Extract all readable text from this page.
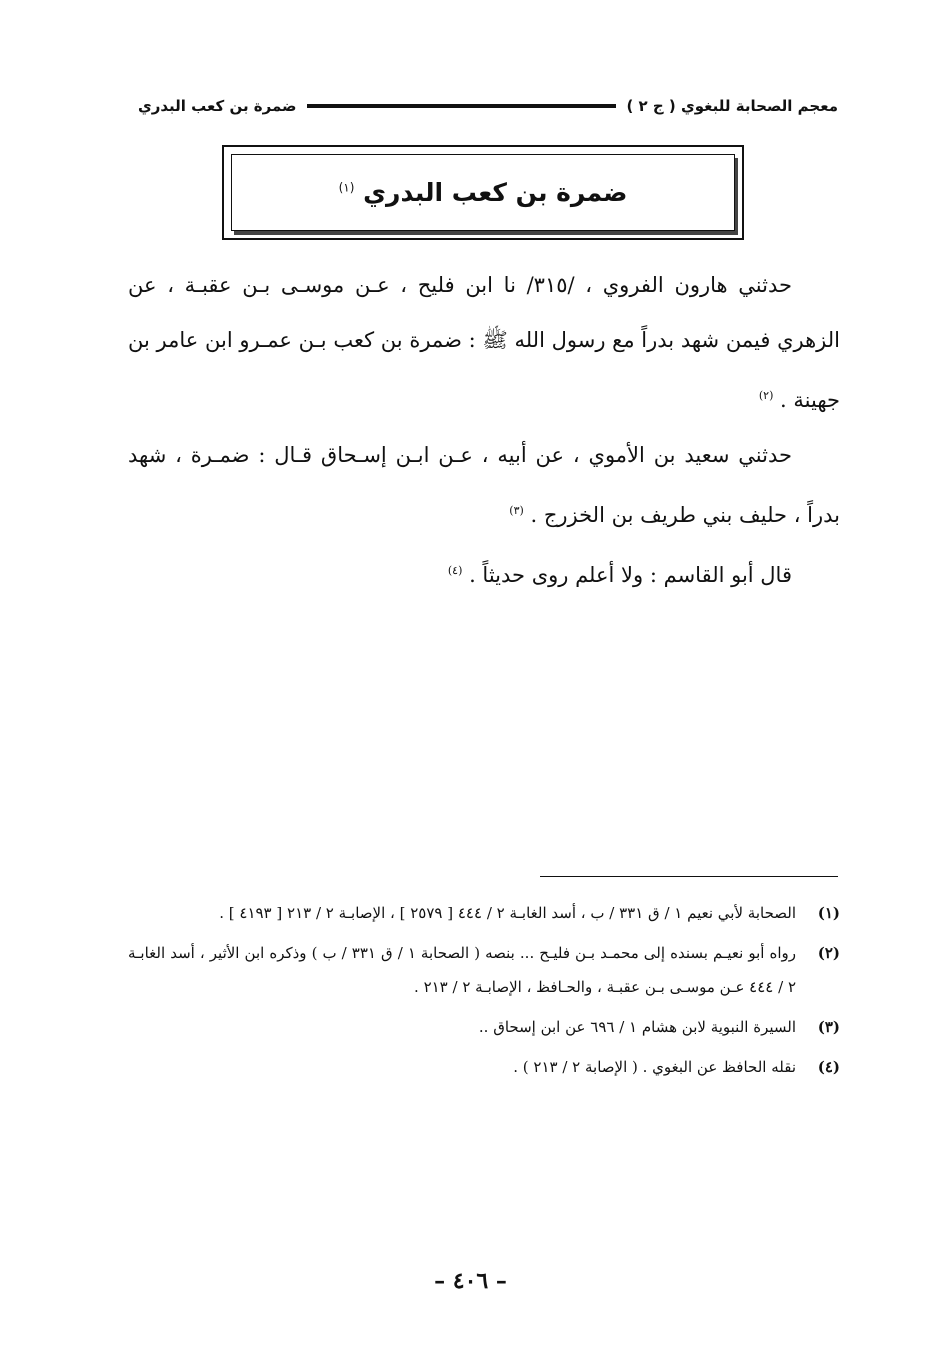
معجم الصحابة للبغوي ( ج ٢ )
ضمرة بن كعب البدري
ضمرة بن كعب البدري $^{(١)}$

حدثني هارون الفروي ، /٣١٥/ نا ابن فليح ، عـن موسـى بـن عقبـة ، عن الزهري فيمن شهد بدراً مع رسول الله ﷺ : ضمرة بن كعب بـن عمـرو ابن عامر بن جهينة . $^{(٢)}$

حدثني سعيد بن الأموي ، عن أبيه ، عـن ابـن إسـحاق قـال : ضمـرة ، شهد بدراً ، حليف بني طريف بن الخزرج . $^{(٣)}$

قال أبو القاسم : ولا أعلم روى حديثاً . $^{(٤)}$

(١)
الصحابة لأبي نعيم ١ / ق ٣٣١ / ب ، أسد الغابـة ٢ / ٤٤٤ [ ٢٥٧٩ ] ، الإصابـة ٢ / ٢١٣ [ ٤١٩٣ ] .
(٢)
رواه أبو نعيـم بسنده إلى محمـد بـن فليـح ... بنصه ( الصحابة ١ / ق ٣٣١ / ب ) وذكره ابن الأثير ، أسد الغابـة ٢ / ٤٤٤ عـن موسـى بـن عقبـة ، والحـافظ ، الإصابـة ٢ / ٢١٣ .
(٣)
السيرة النبوية لابن هشام ١ / ٦٩٦ عن ابن إسحاق ..
(٤)
نقله الحافظ عن البغوي . ( الإصابة ٢ / ٢١٣ ) .
– ٤٠٦ –
